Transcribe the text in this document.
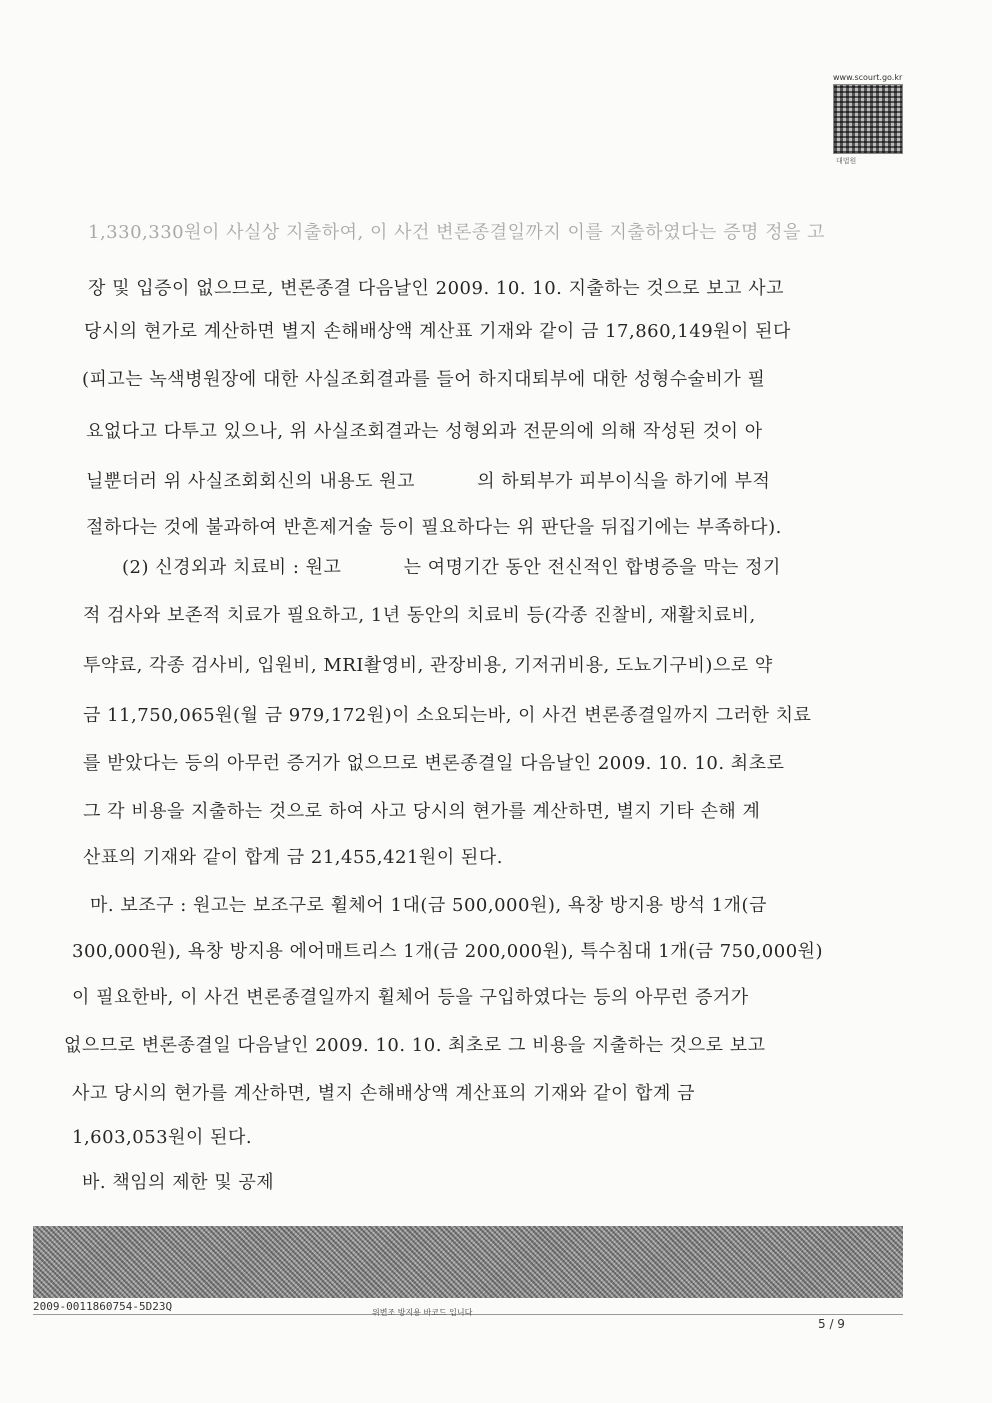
www.scourt.go.kr
대법원
1,330,330원이 사실상 지출하여, 이 사건 변론종결일까지 이를 지출하였다는 증명 정을 고
장 및 입증이 없으므로, 변론종결 다음날인 2009. 10. 10. 지출하는 것으로 보고 사고
당시의 현가로 계산하면 별지 손해배상액 계산표 기재와 같이 금 17,860,149원이 된다
(피고는 녹색병원장에 대한 사실조회결과를 들어 하지대퇴부에 대한 성형수술비가 필
요없다고 다투고 있으나, 위 사실조회결과는 성형외과 전문의에 의해 작성된 것이 아
닐뿐더러 위 사실조회회신의 내용도 원고          의 하퇴부가 피부이식을 하기에 부적
절하다는 것에 불과하여 반흔제거술 등이 필요하다는 위 판단을 뒤집기에는 부족하다).
(2) 신경외과 치료비 : 원고          는 여명기간 동안 전신적인 합병증을 막는 정기
적 검사와 보존적 치료가 필요하고, 1년 동안의 치료비 등(각종 진찰비, 재활치료비,
투약료, 각종 검사비, 입원비, MRI촬영비, 관장비용, 기저귀비용, 도뇨기구비)으로 약
금 11,750,065원(월 금 979,172원)이 소요되는바, 이 사건 변론종결일까지 그러한 치료
를 받았다는 등의 아무런 증거가 없으므로 변론종결일 다음날인 2009. 10. 10. 최초로
그 각 비용을 지출하는 것으로 하여 사고 당시의 현가를 계산하면, 별지 기타 손해 계
산표의 기재와 같이 합계 금 21,455,421원이 된다.
마. 보조구 : 원고는 보조구로 휠체어 1대(금 500,000원), 욕창 방지용 방석 1개(금
300,000원), 욕창 방지용 에어매트리스 1개(금 200,000원), 특수침대 1개(금 750,000원)
이 필요한바, 이 사건 변론종결일까지 휠체어 등을 구입하였다는 등의 아무런 증거가
없으므로 변론종결일 다음날인 2009. 10. 10. 최초로 그 비용을 지출하는 것으로 보고
사고 당시의 현가를 계산하면, 별지 손해배상액 계산표의 기재와 같이 합계 금
1,603,053원이 된다.
바. 책임의 제한 및 공제
2009-0011860754-5D23Q	위변조 방지용 바코드 입니다
5 / 9
